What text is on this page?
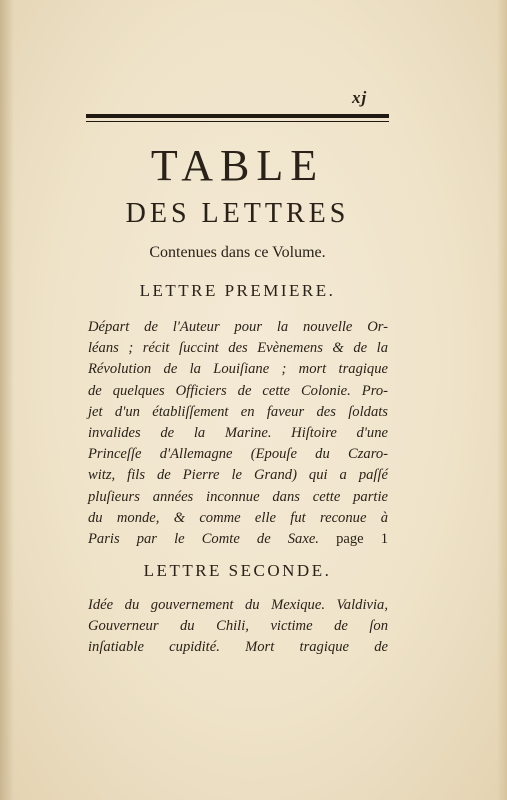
xj
TABLE
DES LETTRES
Contenues dans ce Volume.
LETTRE PREMIERE.
Départ de l'Auteur pour la nouvelle Or-
léans ; récit ſuccint des Evènemens & de la
Révolution de la Louiſiane ; mort tragique
de quelques Officiers de cette Colonie. Pro-
jet d'un établiſſement en faveur des ſoldats
invalides de la Marine. Hiſtoire d'une
Princeſſe d'Allemagne (Epouſe du Czaro-
witz, fils de Pierre le Grand) qui a paſſé
pluſieurs années inconnue dans cette partie
du monde, & comme elle fut reconue à
Paris par le Comte de Saxe. page 1
LETTRE SECONDE.
Idée du gouvernement du Mexique. Valdivia,
Gouverneur du Chili, victime de ſon
inſatiable cupidité. Mort tragique de
